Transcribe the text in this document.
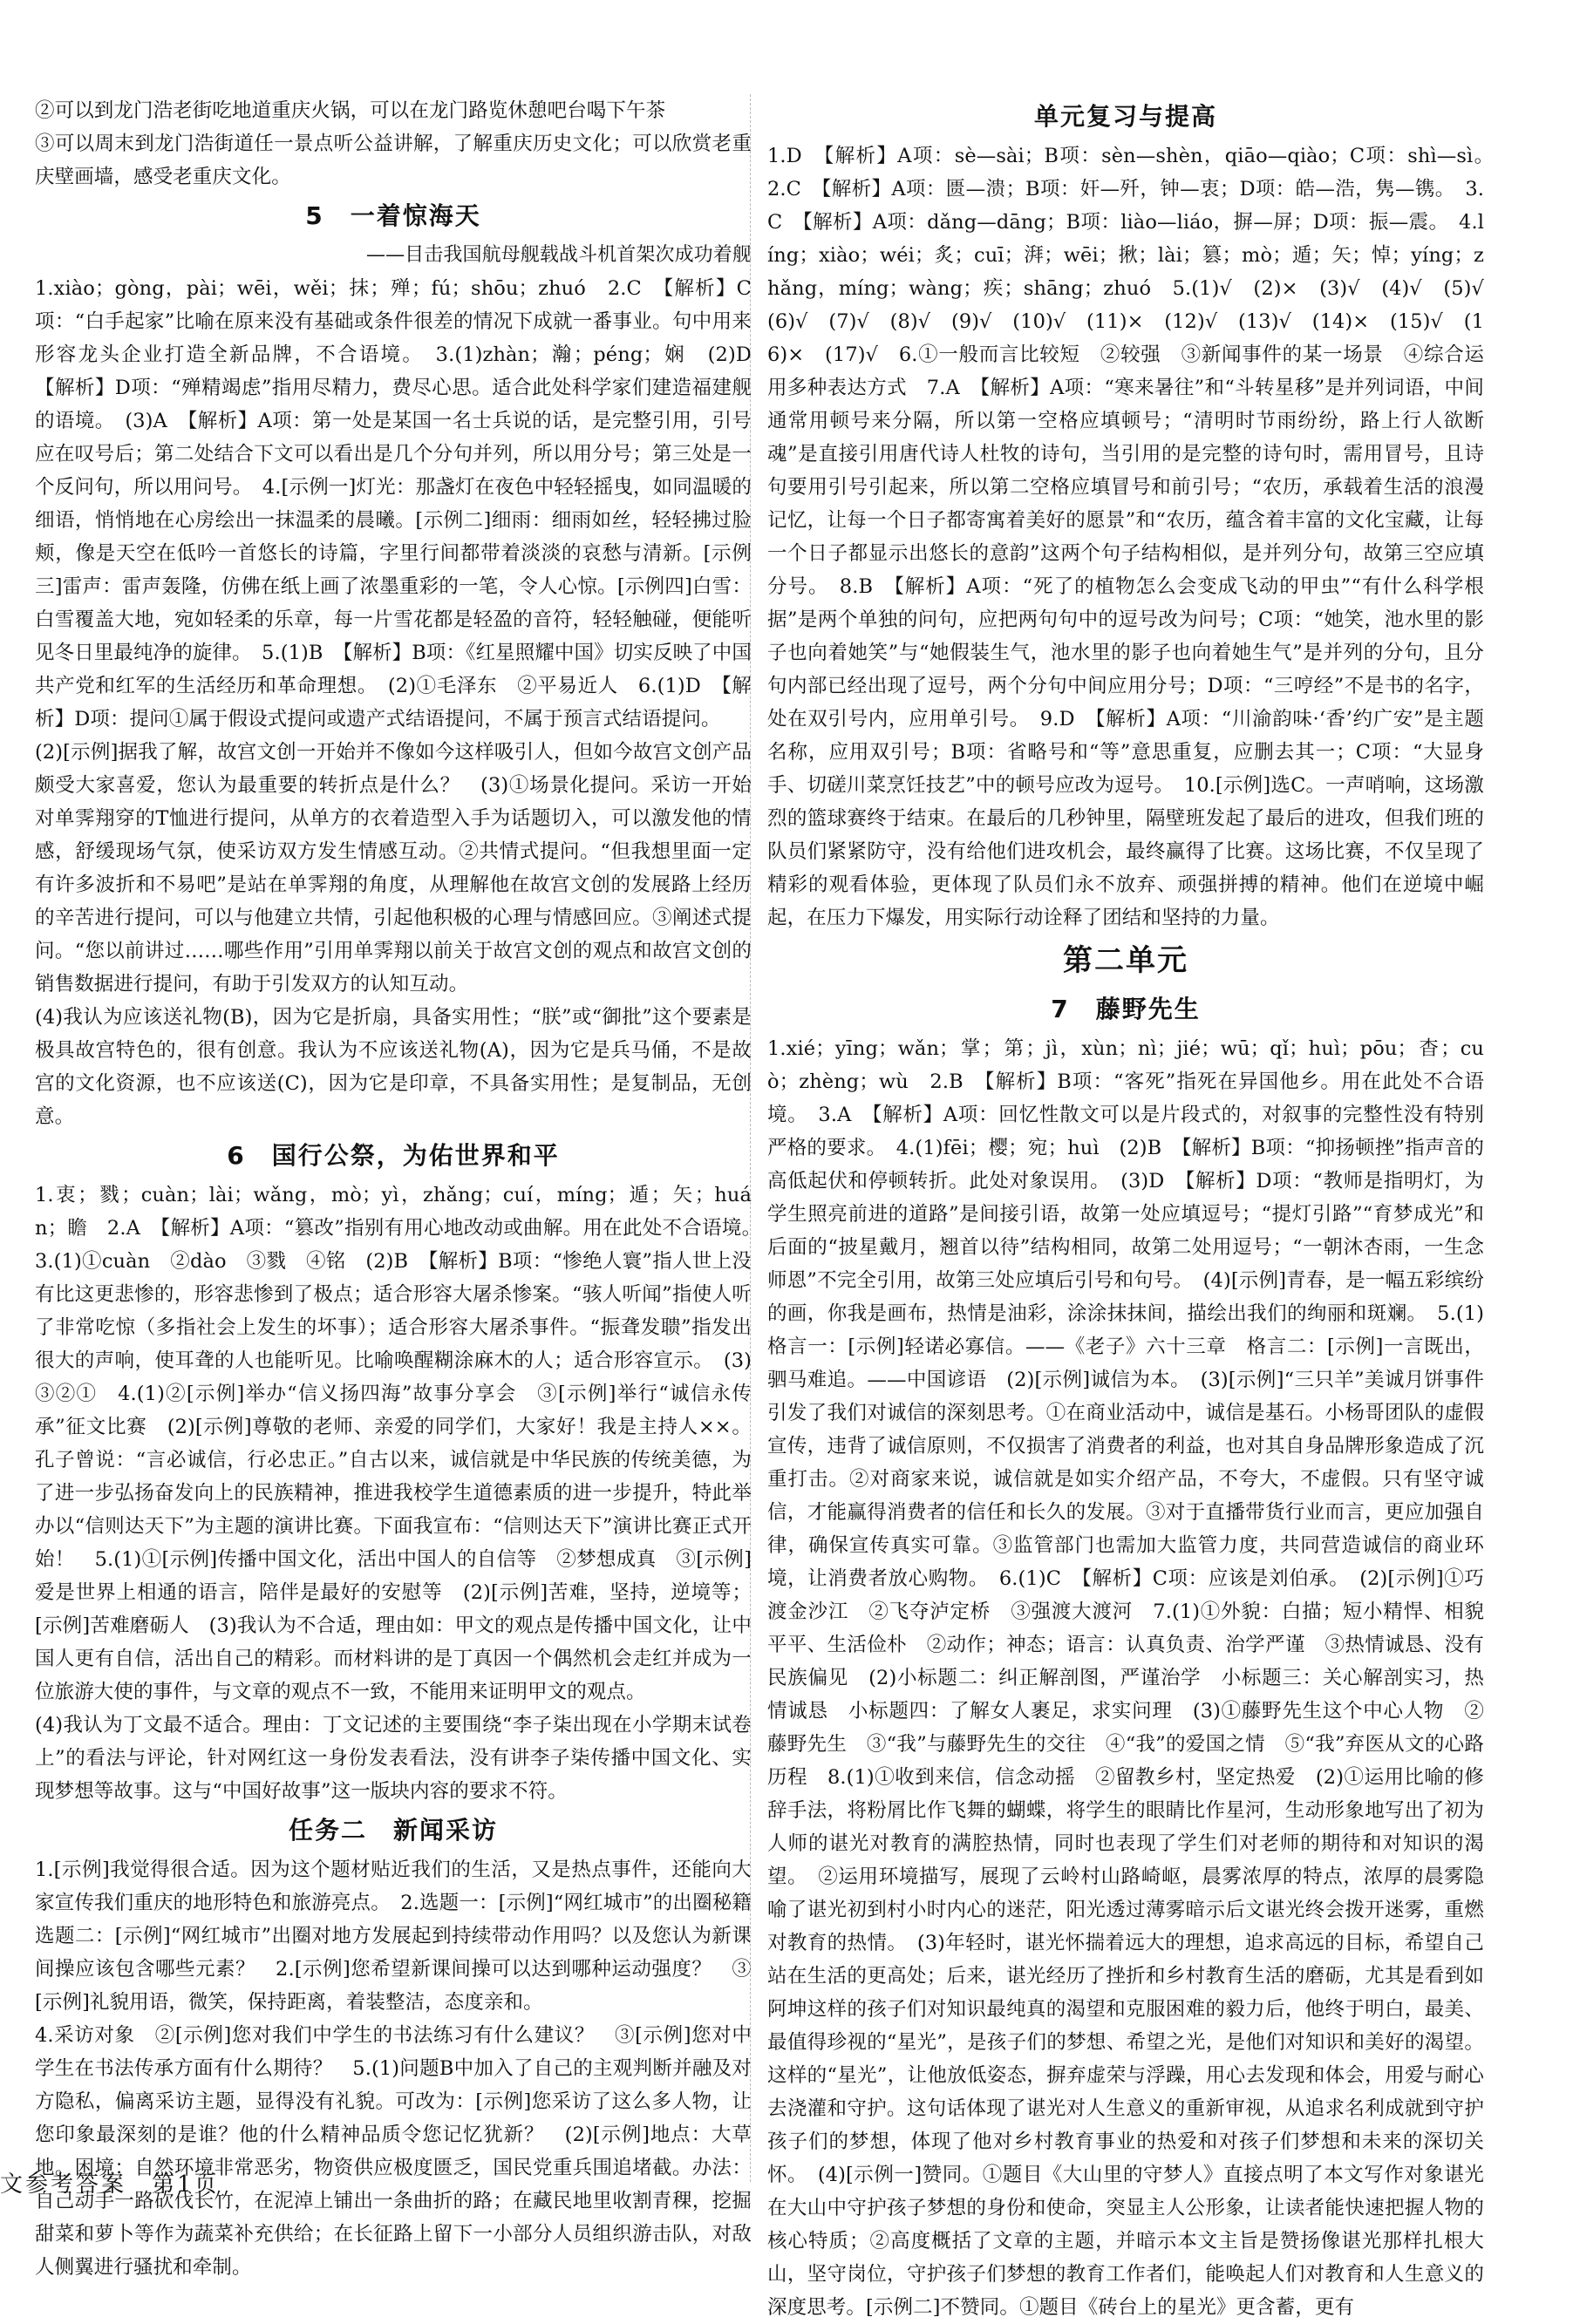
②可以到龙门浩老街吃地道重庆火锅，可以在龙门路览休憩吧台喝下午茶

③可以周末到龙门浩街道任一景点听公益讲解，了解重庆历史文化；可以欣赏老重庆壁画墙，感受老重庆文化。

5　一着惊海天

——目击我国航母舰载战斗机首架次成功着舰

1.xiào；gòng，pài；wēi，wěi；抹；殚；fú；shōu；zhuó　2.C　【解析】C项：“白手起家”比喻在原来没有基础或条件很差的情况下成就一番事业。句中用来形容龙头企业打造全新品牌，不合语境。　3.(1)zhàn；瀚；péng；娴　(2)D　【解析】D项：“殚精竭虑”指用尽精力，费尽心思。适合此处科学家们建造福建舰的语境。　(3)A　【解析】A项：第一处是某国一名士兵说的话，是完整引用，引号应在叹号后；第二处结合下文可以看出是几个分句并列，所以用分号；第三处是一个反问句，所以用问号。　4.[示例一]灯光：那盏灯在夜色中轻轻摇曳，如同温暖的细语，悄悄地在心房绘出一抹温柔的晨曦。[示例二]细雨：细雨如丝，轻轻拂过脸颊，像是天空在低吟一首悠长的诗篇，字里行间都带着淡淡的哀愁与清新。[示例三]雷声：雷声轰隆，仿佛在纸上画了浓墨重彩的一笔，令人心惊。[示例四]白雪：白雪覆盖大地，宛如轻柔的乐章，每一片雪花都是轻盈的音符，轻轻触碰，便能听见冬日里最纯净的旋律。　5.(1)B　【解析】B项：《红星照耀中国》切实反映了中国共产党和红军的生活经历和革命理想。　(2)①毛泽东　②平易近人　6.(1)D　【解析】D项：提问①属于假设式提问或遗产式结语提问，不属于预言式结语提问。

(2)[示例]据我了解，故宫文创一开始并不像如今这样吸引人，但如今故宫文创产品颇受大家喜爱，您认为最重要的转折点是什么？　(3)①场景化提问。采访一开始对单霁翔穿的T恤进行提问，从单方的衣着造型入手为话题切入，可以激发他的情感，舒缓现场气氛，使采访双方发生情感互动。②共情式提问。“但我想里面一定有许多波折和不易吧”是站在单霁翔的角度，从理解他在故宫文创的发展路上经历的辛苦进行提问，可以与他建立共情，引起他积极的心理与情感回应。③阐述式提问。“您以前讲过……哪些作用”引用单霁翔以前关于故宫文创的观点和故宫文创的销售数据进行提问，有助于引发双方的认知互动。

(4)我认为应该送礼物(B)，因为它是折扇，具备实用性；“朕”或“御批”这个要素是极具故宫特色的，很有创意。我认为不应该送礼物(A)，因为它是兵马俑，不是故宫的文化资源，也不应该送(C)，因为它是印章，不具备实用性；是复制品，无创意。

6　国行公祭，为佑世界和平

1.衷；戮；cuàn；lài；wǎng，mò；yì，zhǎng；cuí，míng；遁；矢；huán；瞻　2.A　【解析】A项：“篡改”指别有用心地改动或曲解。用在此处不合语境。　3.(1)①cuàn　②dào　③戮　④铭　(2)B　【解析】B项：“惨绝人寰”指人世上没有比这更悲惨的，形容悲惨到了极点；适合形容大屠杀惨案。“骇人听闻”指使人听了非常吃惊（多指社会上发生的坏事）；适合形容大屠杀事件。“振聋发聩”指发出很大的声响，使耳聋的人也能听见。比喻唤醒糊涂麻木的人；适合形容宣示。　(3)③②①　4.(1)②[示例]举办“信义扬四海”故事分享会　③[示例]举行“诚信永传承”征文比赛　(2)[示例]尊敬的老师、亲爱的同学们，大家好！我是主持人××。孔子曾说：“言必诚信，行必忠正。”自古以来，诚信就是中华民族的传统美德，为了进一步弘扬奋发向上的民族精神，推进我校学生道德素质的进一步提升，特此举办以“信则达天下”为主题的演讲比赛。下面我宣布：“信则达天下”演讲比赛正式开始！　5.(1)①[示例]传播中国文化，活出中国人的自信等　②梦想成真　③[示例]爱是世界上相通的语言，陪伴是最好的安慰等　(2)[示例]苦难，坚持，逆境等；[示例]苦难磨砺人　(3)我认为不合适，理由如：甲文的观点是传播中国文化，让中国人更有自信，活出自己的精彩。而材料讲的是丁真因一个偶然机会走红并成为一位旅游大使的事件，与文章的观点不一致，不能用来证明甲文的观点。

(4)我认为丁文最不适合。理由：丁文记述的主要围绕“李子柒出现在小学期末试卷上”的看法与评论，针对网红这一身份发表看法，没有讲李子柒传播中国文化、实现梦想等故事。这与“中国好故事”这一版块内容的要求不符。

任务二　新闻采访

1.[示例]我觉得很合适。因为这个题材贴近我们的生活，又是热点事件，还能向大家宣传我们重庆的地形特色和旅游亮点。　2.选题一：[示例]“网红城市”的出圈秘籍　选题二：[示例]“网红城市”出圈对地方发展起到持续带动作用吗？以及您认为新课间操应该包含哪些元素？　2.[示例]您希望新课间操可以达到哪种运动强度？　③[示例]礼貌用语，微笑，保持距离，着装整洁，态度亲和。

4.采访对象　②[示例]您对我们中学生的书法练习有什么建议？　③[示例]您对中学生在书法传承方面有什么期待？　5.(1)问题B中加入了自己的主观判断并融及对方隐私，偏离采访主题，显得没有礼貌。可改为：[示例]您采访了这么多人物，让您印象最深刻的是谁？他的什么精神品质令您记忆犹新？　(2)[示例]地点：大草地。困境：自然环境非常恶劣，物资供应极度匮乏，国民党重兵围追堵截。办法：自己动手一路砍伐长竹，在泥淖上铺出一条曲折的路；在藏民地里收割青稞，挖掘甜菜和萝卜等作为蔬菜补充供给；在长征路上留下一小部分人员组织游击队，对敌人侧翼进行骚扰和牵制。

单元复习与提高

1.D　【解析】A项：sè—sài；B项：sèn—shèn，qiāo—qiào；C项：shì—sì。　2.C　【解析】A项：匮—溃；B项：奸—歼，钟—衷；D项：皓—浩，隽—镌。　3.C　【解析】A项：dǎng—dāng；B项：liào—liáo，摒—屏；D项：振—震。　4.líng；xiào；wéi；炙；cuī；湃；wēi；揪；lài；篡；mò；遁；矢；悼；yíng；zhǎng，míng；wàng；疾；shāng；zhuó　5.(1)√　(2)×　(3)√　(4)√　(5)√　(6)√　(7)√　(8)√　(9)√　(10)√　(11)×　(12)√　(13)√　(14)×　(15)√　(16)×　(17)√　6.①一般而言比较短　②较强　③新闻事件的某一场景　④综合运用多种表达方式　7.A　【解析】A项：“寒来暑往”和“斗转星移”是并列词语，中间通常用顿号来分隔，所以第一空格应填顿号；“清明时节雨纷纷，路上行人欲断魂”是直接引用唐代诗人杜牧的诗句，当引用的是完整的诗句时，需用冒号，且诗句要用引号引起来，所以第二空格应填冒号和前引号；“农历，承载着生活的浪漫记忆，让每一个日子都寄寓着美好的愿景”和“农历，蕴含着丰富的文化宝藏，让每一个日子都显示出悠长的意韵”这两个句子结构相似，是并列分句，故第三空应填分号。　8.B　【解析】A项：“死了的植物怎么会变成飞动的甲虫”“有什么科学根据”是两个单独的问句，应把两句句中的逗号改为问号；C项：“她笑，池水里的影子也向着她笑”与“她假装生气，池水里的影子也向着她生气”是并列的分句，且分句内部已经出现了逗号，两个分句中间应用分号；D项：“三哼经”不是书的名字，处在双引号内，应用单引号。　9.D　【解析】A项：“川渝韵味·‘香’约广安”是主题名称，应用双引号；B项：省略号和“等”意思重复，应删去其一；C项：“大显身手、切磋川菜烹饪技艺”中的顿号应改为逗号。　10.[示例]选C。一声哨响，这场激烈的篮球赛终于结束。在最后的几秒钟里，隔壁班发起了最后的进攻，但我们班的队员们紧紧防守，没有给他们进攻机会，最终赢得了比赛。这场比赛，不仅呈现了精彩的观看体验，更体现了队员们永不放弃、顽强拼搏的精神。他们在逆境中崛起，在压力下爆发，用实际行动诠释了团结和坚持的力量。

第二单元
7　藤野先生

1.xié；yīng；wǎn；掌；第；jì，xùn；nì；jié；wū；qǐ；huì；pōu；杳；cuò；zhèng；wù　2.B　【解析】B项：“客死”指死在异国他乡。用在此处不合语境。　3.A　【解析】A项：回忆性散文可以是片段式的，对叙事的完整性没有特别严格的要求。　4.(1)fēi；樱；宛；huì　(2)B　【解析】B项：“抑扬顿挫”指声音的高低起伏和停顿转折。此处对象误用。　(3)D　【解析】D项：“教师是指明灯，为学生照亮前进的道路”是间接引语，故第一处应填逗号；“提灯引路”“育梦成光”和后面的“披星戴月，翘首以待”结构相同，故第二处用逗号；“一朝沐杏雨，一生念师恩”不完全引用，故第三处应填后引号和句号。　(4)[示例]青春，是一幅五彩缤纷的画，你我是画布，热情是油彩，涂涂抹抹间，描绘出我们的绚丽和斑斓。　5.(1)格言一：[示例]轻诺必寡信。——《老子》六十三章　格言二：[示例]一言既出，驷马难追。——中国谚语　(2)[示例]诚信为本。　(3)[示例]“三只羊”美诚月饼事件引发了我们对诚信的深刻思考。①在商业活动中，诚信是基石。小杨哥团队的虚假宣传，违背了诚信原则，不仅损害了消费者的利益，也对其自身品牌形象造成了沉重打击。②对商家来说，诚信就是如实介绍产品，不夸大，不虚假。只有坚守诚信，才能赢得消费者的信任和长久的发展。③对于直播带货行业而言，更应加强自律，确保宣传真实可靠。③监管部门也需加大监管力度，共同营造诚信的商业环境，让消费者放心购物。　6.(1)C　【解析】C项：应该是刘伯承。　(2)[示例]①巧渡金沙江　②飞夺泸定桥　③强渡大渡河　7.(1)①外貌：白描；短小精悍、相貌平平、生活俭朴　②动作；神态；语言：认真负责、治学严谨　③热情诚恳、没有民族偏见　(2)小标题二：纠正解剖图，严谨治学　小标题三：关心解剖实习，热情诚恳　小标题四：了解女人裹足，求实问理　(3)①藤野先生这个中心人物　②藤野先生　③“我”与藤野先生的交往　④“我”的爱国之情　⑤“我”弃医从文的心路历程　8.(1)①收到来信，信念动摇　②留教乡村，坚定热爱　(2)①运用比喻的修辞手法，将粉屑比作飞舞的蝴蝶，将学生的眼睛比作星河，生动形象地写出了初为人师的谌光对教育的满腔热情，同时也表现了学生们对老师的期待和对知识的渴望。　②运用环境描写，展现了云岭村山路崎岖，晨雾浓厚的特点，浓厚的晨雾隐喻了谌光初到村小时内心的迷茫，阳光透过薄雾暗示后文谌光终会拨开迷雾，重燃对教育的热情。　(3)年轻时，谌光怀揣着远大的理想，追求高远的目标，希望自己站在生活的更高处；后来，谌光经历了挫折和乡村教育生活的磨砺，尤其是看到如阿坤这样的孩子们对知识最纯真的渴望和克服困难的毅力后，他终于明白，最美、最值得珍视的“星光”，是孩子们的梦想、希望之光，是他们对知识和美好的渴望。这样的“星光”，让他放低姿态，摒弃虚荣与浮躁，用心去发现和体会，用爱与耐心去浇灌和守护。这句话体现了谌光对人生意义的重新审视，从追求名利成就到守护孩子们的梦想，体现了他对乡村教育事业的热爱和对孩子们梦想和未来的深切关怀。　(4)[示例一]赞同。①题目《大山里的守梦人》直接点明了本文写作对象谌光在大山中守护孩子梦想的身份和使命，突显主人公形象，让读者能快速把握人物的核心特质；②高度概括了文章的主题，并暗示本文主旨是赞扬像谌光那样扎根大山，坚守岗位，守护孩子们梦想的教育工作者们，能唤起人们对教育和人生意义的深度思考。[示例二]不赞同。①题目《砖台上的星光》更含蓄，更有

文参考答案　第1页
